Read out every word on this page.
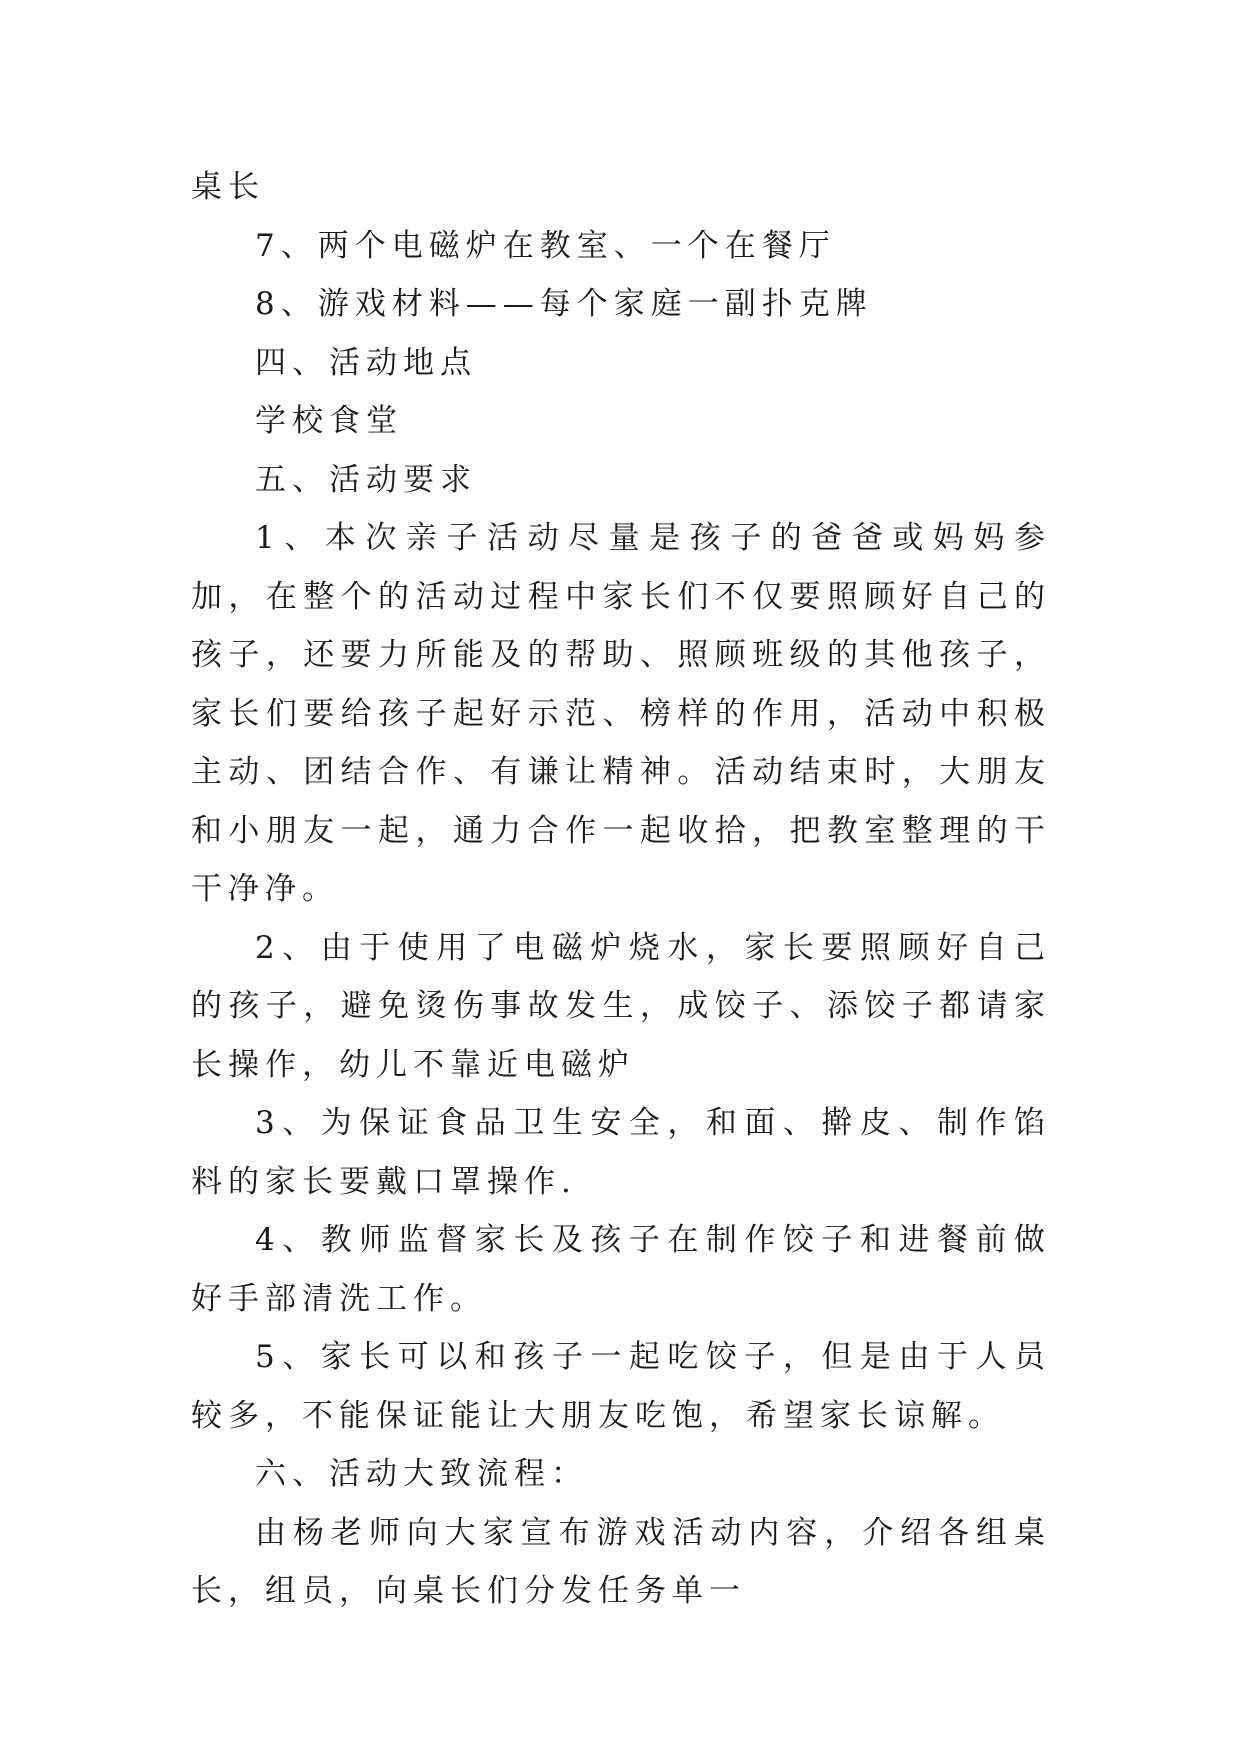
桌长

7、两个电磁炉在教室、一个在餐厅

8、游戏材料——每个家庭一副扑克牌

四、活动地点

学校食堂

五、活动要求

1、本次亲子活动尽量是孩子的爸爸或妈妈参加，在整个的活动过程中家长们不仅要照顾好自己的孩子，还要力所能及的帮助、照顾班级的其他孩子，家长们要给孩子起好示范、榜样的作用，活动中积极主动、团结合作、有谦让精神。活动结束时，大朋友和小朋友一起，通力合作一起收拾，把教室整理的干干净净。

2、由于使用了电磁炉烧水，家长要照顾好自己的孩子，避免烫伤事故发生，成饺子、添饺子都请家长操作，幼儿不靠近电磁炉

3、为保证食品卫生安全，和面、擀皮、制作馅料的家长要戴口罩操作.

4、教师监督家长及孩子在制作饺子和进餐前做好手部清洗工作。

5、家长可以和孩子一起吃饺子，但是由于人员较多，不能保证能让大朋友吃饱，希望家长谅解。

六、活动大致流程：

由杨老师向大家宣布游戏活动内容，介绍各组桌长，组员，向桌长们分发任务单一
